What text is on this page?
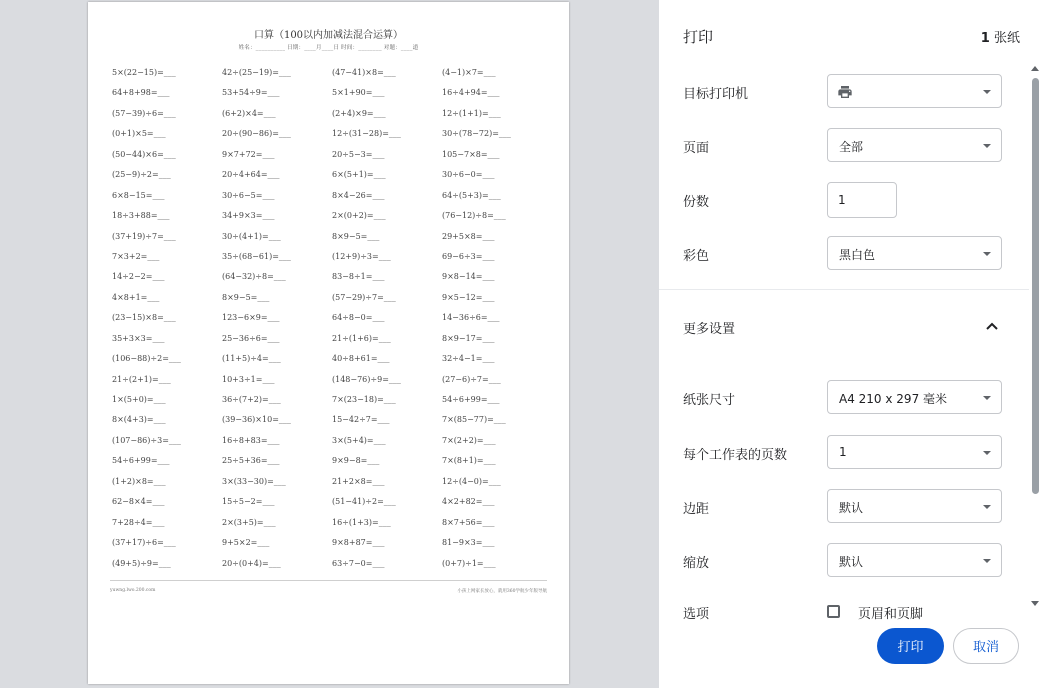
口算（100以内加减法混合运算）
姓名：__________ 日期：____月____日 时间：________ 对题：____道
5×(22−15)=___	42÷(25−19)=___	(47−41)×8=___	(4−1)×7=___
64+8+98=___	53+54÷9=___	5×1+90=___	16÷4+94=___
(57−39)÷6=___	(6+2)×4=___	(2+4)×9=___	12÷(1+1)=___
(0+1)×5=___	20÷(90−86)=___	12÷(31−28)=___	30÷(78−72)=___
(50−44)×6=___	9×7+72=___	20÷5−3=___	105−7×8=___
(25−9)÷2=___	20÷4+64=___	6×(5+1)=___	30÷6−0=___
6×8−15=___	30÷6−5=___	8×4−26=___	64÷(5+3)=___
18÷3+88=___	34+9×3=___	2×(0+2)=___	(76−12)÷8=___
(37+19)÷7=___	30÷(4+1)=___	8×9−5=___	29+5×8=___
7×3+2=___	35÷(68−61)=___	(12+9)÷3=___	69−6÷3=___
14÷2−2=___	(64−32)÷8=___	83−8÷1=___	9×8−14=___
4×8+1=___	8×9−5=___	(57−29)÷7=___	9×5−12=___
(23−15)×8=___	123−6×9=___	64÷8−0=___	14−36÷6=___
35+3×3=___	25−36÷6=___	21÷(1+6)=___	8×9−17=___
(106−88)÷2=___	(11+5)÷4=___	40÷8+61=___	32÷4−1=___
21÷(2+1)=___	10+3÷1=___	(148−76)÷9=___	(27−6)÷7=___
1×(5+0)=___	36÷(7+2)=___	7×(23−18)=___	54÷6+99=___
8×(4+3)=___	(39−36)×10=___	15−42÷7=___	7×(85−77)=___
(107−86)÷3=___	16÷8+83=___	3×(5+4)=___	7×(2+2)=___
54÷6+99=___	25÷5+36=___	9×9−8=___	7×(8+1)=___
(1+2)×8=___	3×(33−30)=___	21+2×8=___	12÷(4−0)=___
62−8×4=___	15÷5−2=___	(51−41)÷2=___	4×2+82=___
7+28÷4=___	2×(3+5)=___	16÷(1+3)=___	8×7+56=___
(37+17)÷6=___	9+5×2=___	9×8+87=___	81−9×3=___
(49+5)÷9=___	20÷(0+4)=___	63÷7−0=___	(0+7)÷1=___
yuwng.lwo.200.com	小孩上网家长放心，就用360学航少年版导航
打印	1 张纸
目标打印机
页面	全部
份数
1
彩色	黑白色
更多设置
纸张尺寸	A4 210 x 297 毫米
每个工作表的页数	1
边距	默认
缩放	默认
选项	页眉和页脚
打印	取消
